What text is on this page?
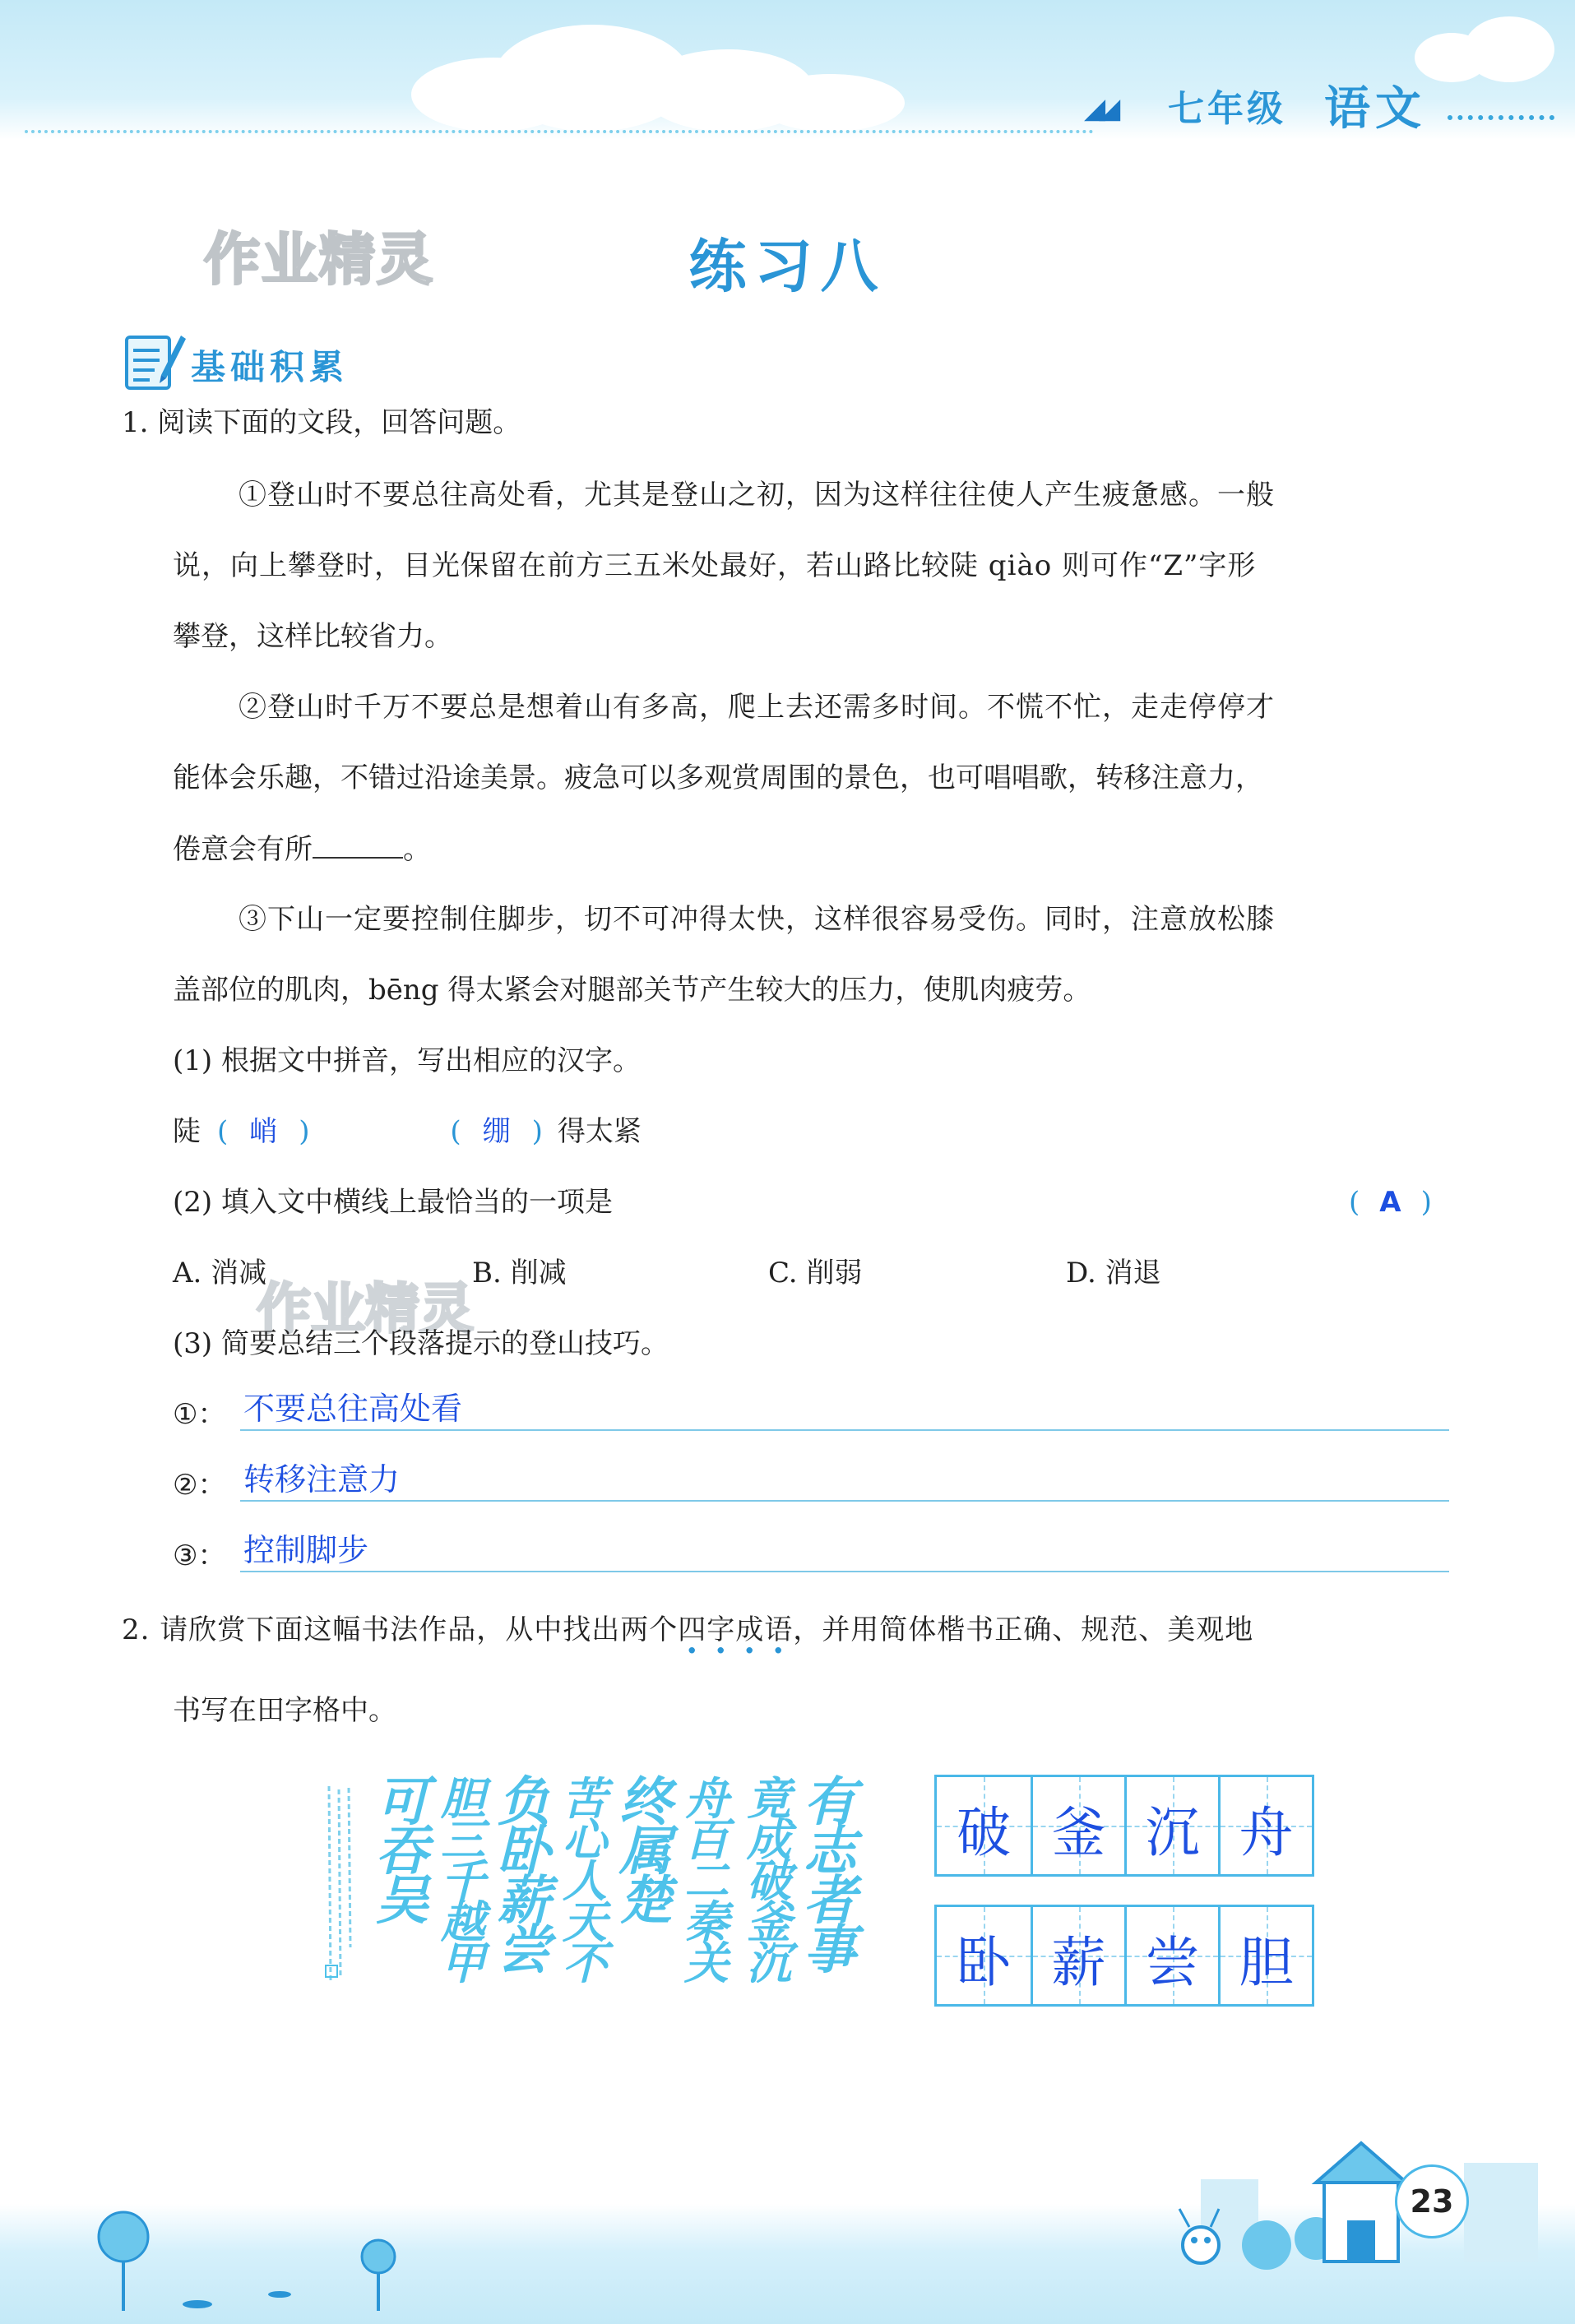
◢◢ 七年级 语文
作业精灵	练习八
基础积累
1. 阅读下面的文段，回答问题。
①登山时不要总往高处看，尤其是登山之初，因为这样往往使人产生疲惫感。一般
说，向上攀登时，目光保留在前方三五米处最好，若山路比较陡 qiào 则可作“Z”字形
攀登，这样比较省力。
②登山时千万不要总是想着山有多高，爬上去还需多时间。不慌不忙，走走停停才
能体会乐趣，不错过沿途美景。疲急可以多观赏周围的景色，也可唱唱歌，转移注意力，
倦意会有所	。
③下山一定要控制住脚步，切不可冲得太快，这样很容易受伤。同时，注意放松膝
盖部位的肌肉，bēng 得太紧会对腿部关节产生较大的压力，使肌肉疲劳。
(1) 根据文中拼音，写出相应的汉字。
陡 ( 峭 )	( 绷 ) 得太紧
(2) 填入文中横线上最恰当的一项是	( A )
A. 消减	B. 削减	C. 削弱	D. 消退
作业精灵
(3) 简要总结三个段落提示的登山技巧。
①： 不要总往高处看
②： 转移注意力
③： 控制脚步
2. 请欣赏下面这幅书法作品，从中找出两个四字成语，并用简体楷书正确、规范、美观地
书写在田字格中。
有
志
者
事
竟
成
破
釜
沉
舟
百
二
秦
关
终
属
楚
苦
心
人
天
不
负
卧
薪
尝
胆
三
千
越
甲
可
吞
吴
破 釜 沉 舟
卧 薪 尝 胆
23
